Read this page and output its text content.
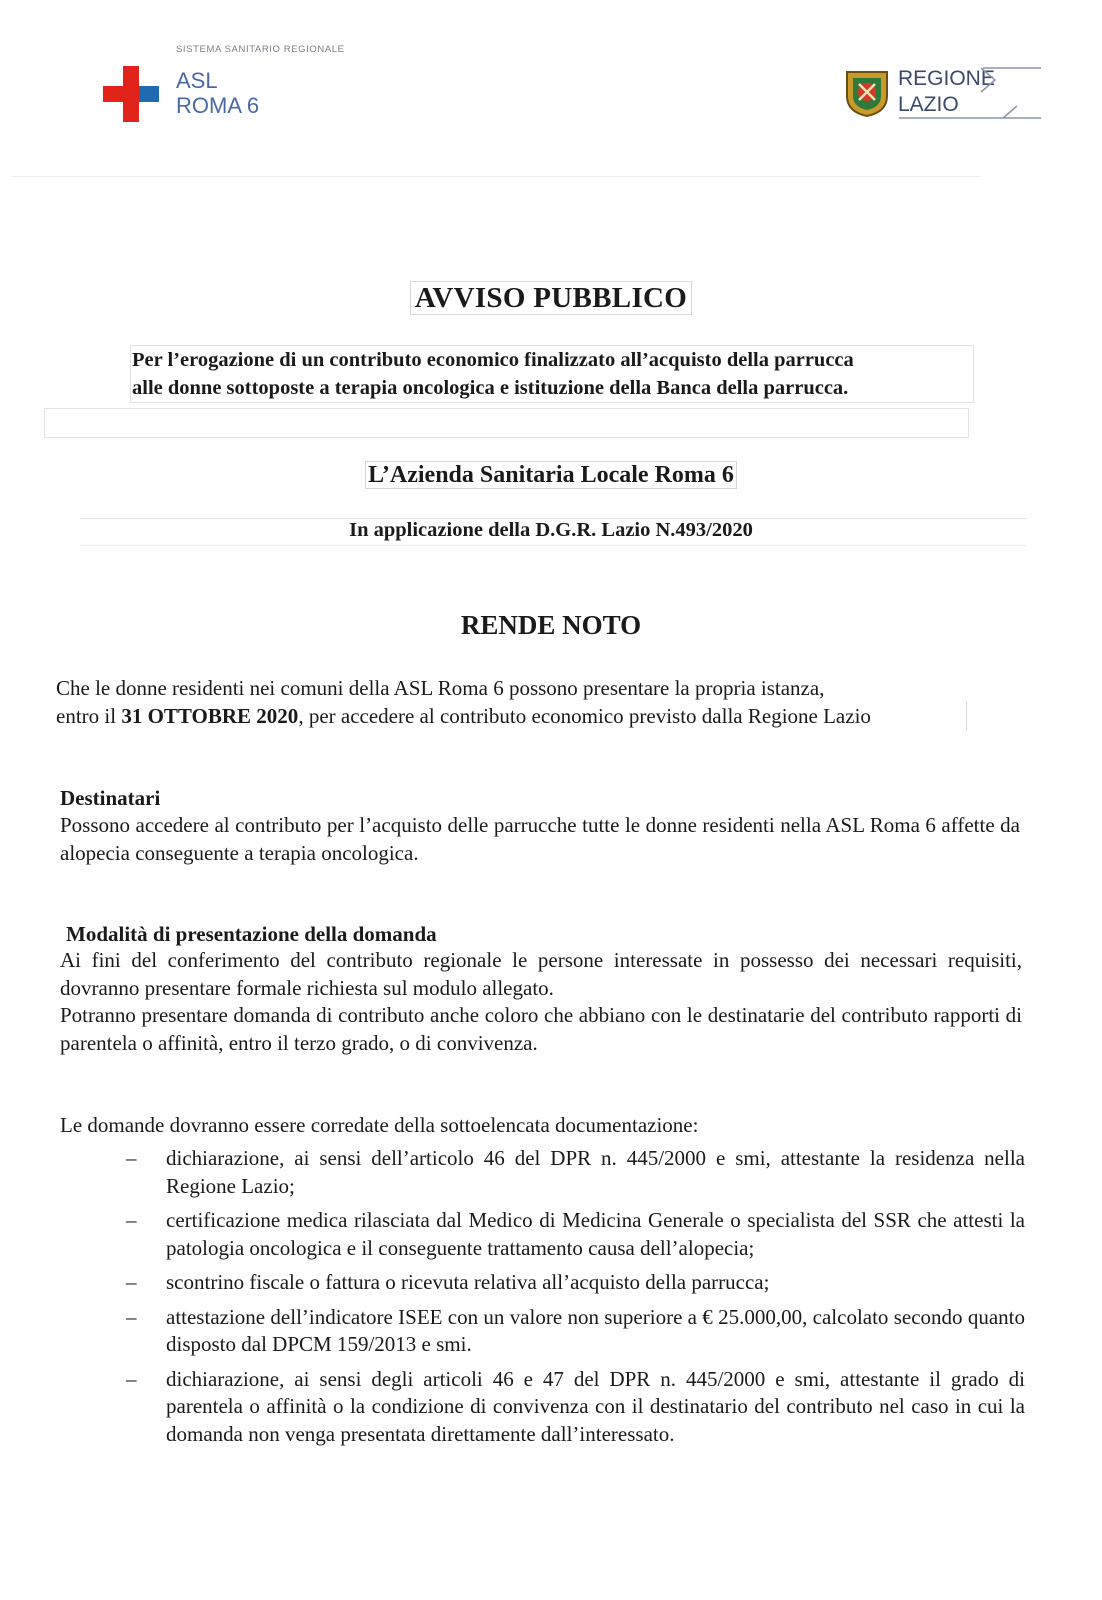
SISTEMA SANITARIO REGIONALE
ASL
ROMA 6
REGIONE
LAZIO
AVVISO PUBBLICO
Per l’erogazione di un contributo economico finalizzato all’acquisto della parrucca
alle donne sottoposte a terapia oncologica e istituzione della Banca della parrucca.
L’Azienda Sanitaria Locale Roma 6
In applicazione della D.G.R. Lazio N.493/2020
RENDE NOTO
Che le donne residenti nei comuni della ASL Roma 6 possono presentare la propria istanza,
entro il 31 OTTOBRE 2020, per accedere al contributo economico previsto dalla Regione Lazio
Destinatari
Possono accedere al contributo per l’acquisto delle parrucche tutte le donne residenti nella ASL Roma 6 affette da alopecia conseguente a terapia oncologica.
Modalità di presentazione della domanda
Ai fini del conferimento del contributo regionale le persone interessate in possesso dei necessari requisiti, dovranno presentare formale richiesta sul modulo allegato.
Potranno presentare domanda di contributo anche coloro che abbiano con le destinatarie del contributo rapporti di parentela o affinità, entro il terzo grado, o di convivenza.
Le domande dovranno essere corredate della sottoelencata documentazione:
– dichiarazione, ai sensi dell’articolo 46 del DPR n. 445/2000 e smi, attestante la residenza nella Regione Lazio;
– certificazione medica rilasciata dal Medico di Medicina Generale o specialista del SSR che attesti la patologia oncologica e il conseguente trattamento causa dell’alopecia;
– scontrino fiscale o fattura o ricevuta relativa all’acquisto della parrucca;
– attestazione dell’indicatore ISEE con un valore non superiore a € 25.000,00, calcolato secondo quanto disposto dal DPCM 159/2013 e smi.
– dichiarazione, ai sensi degli articoli 46 e 47 del DPR n. 445/2000 e smi, attestante il grado di parentela o affinità o la condizione di convivenza con il destinatario del contributo nel caso in cui la domanda non venga presentata direttamente dall’interessato.
